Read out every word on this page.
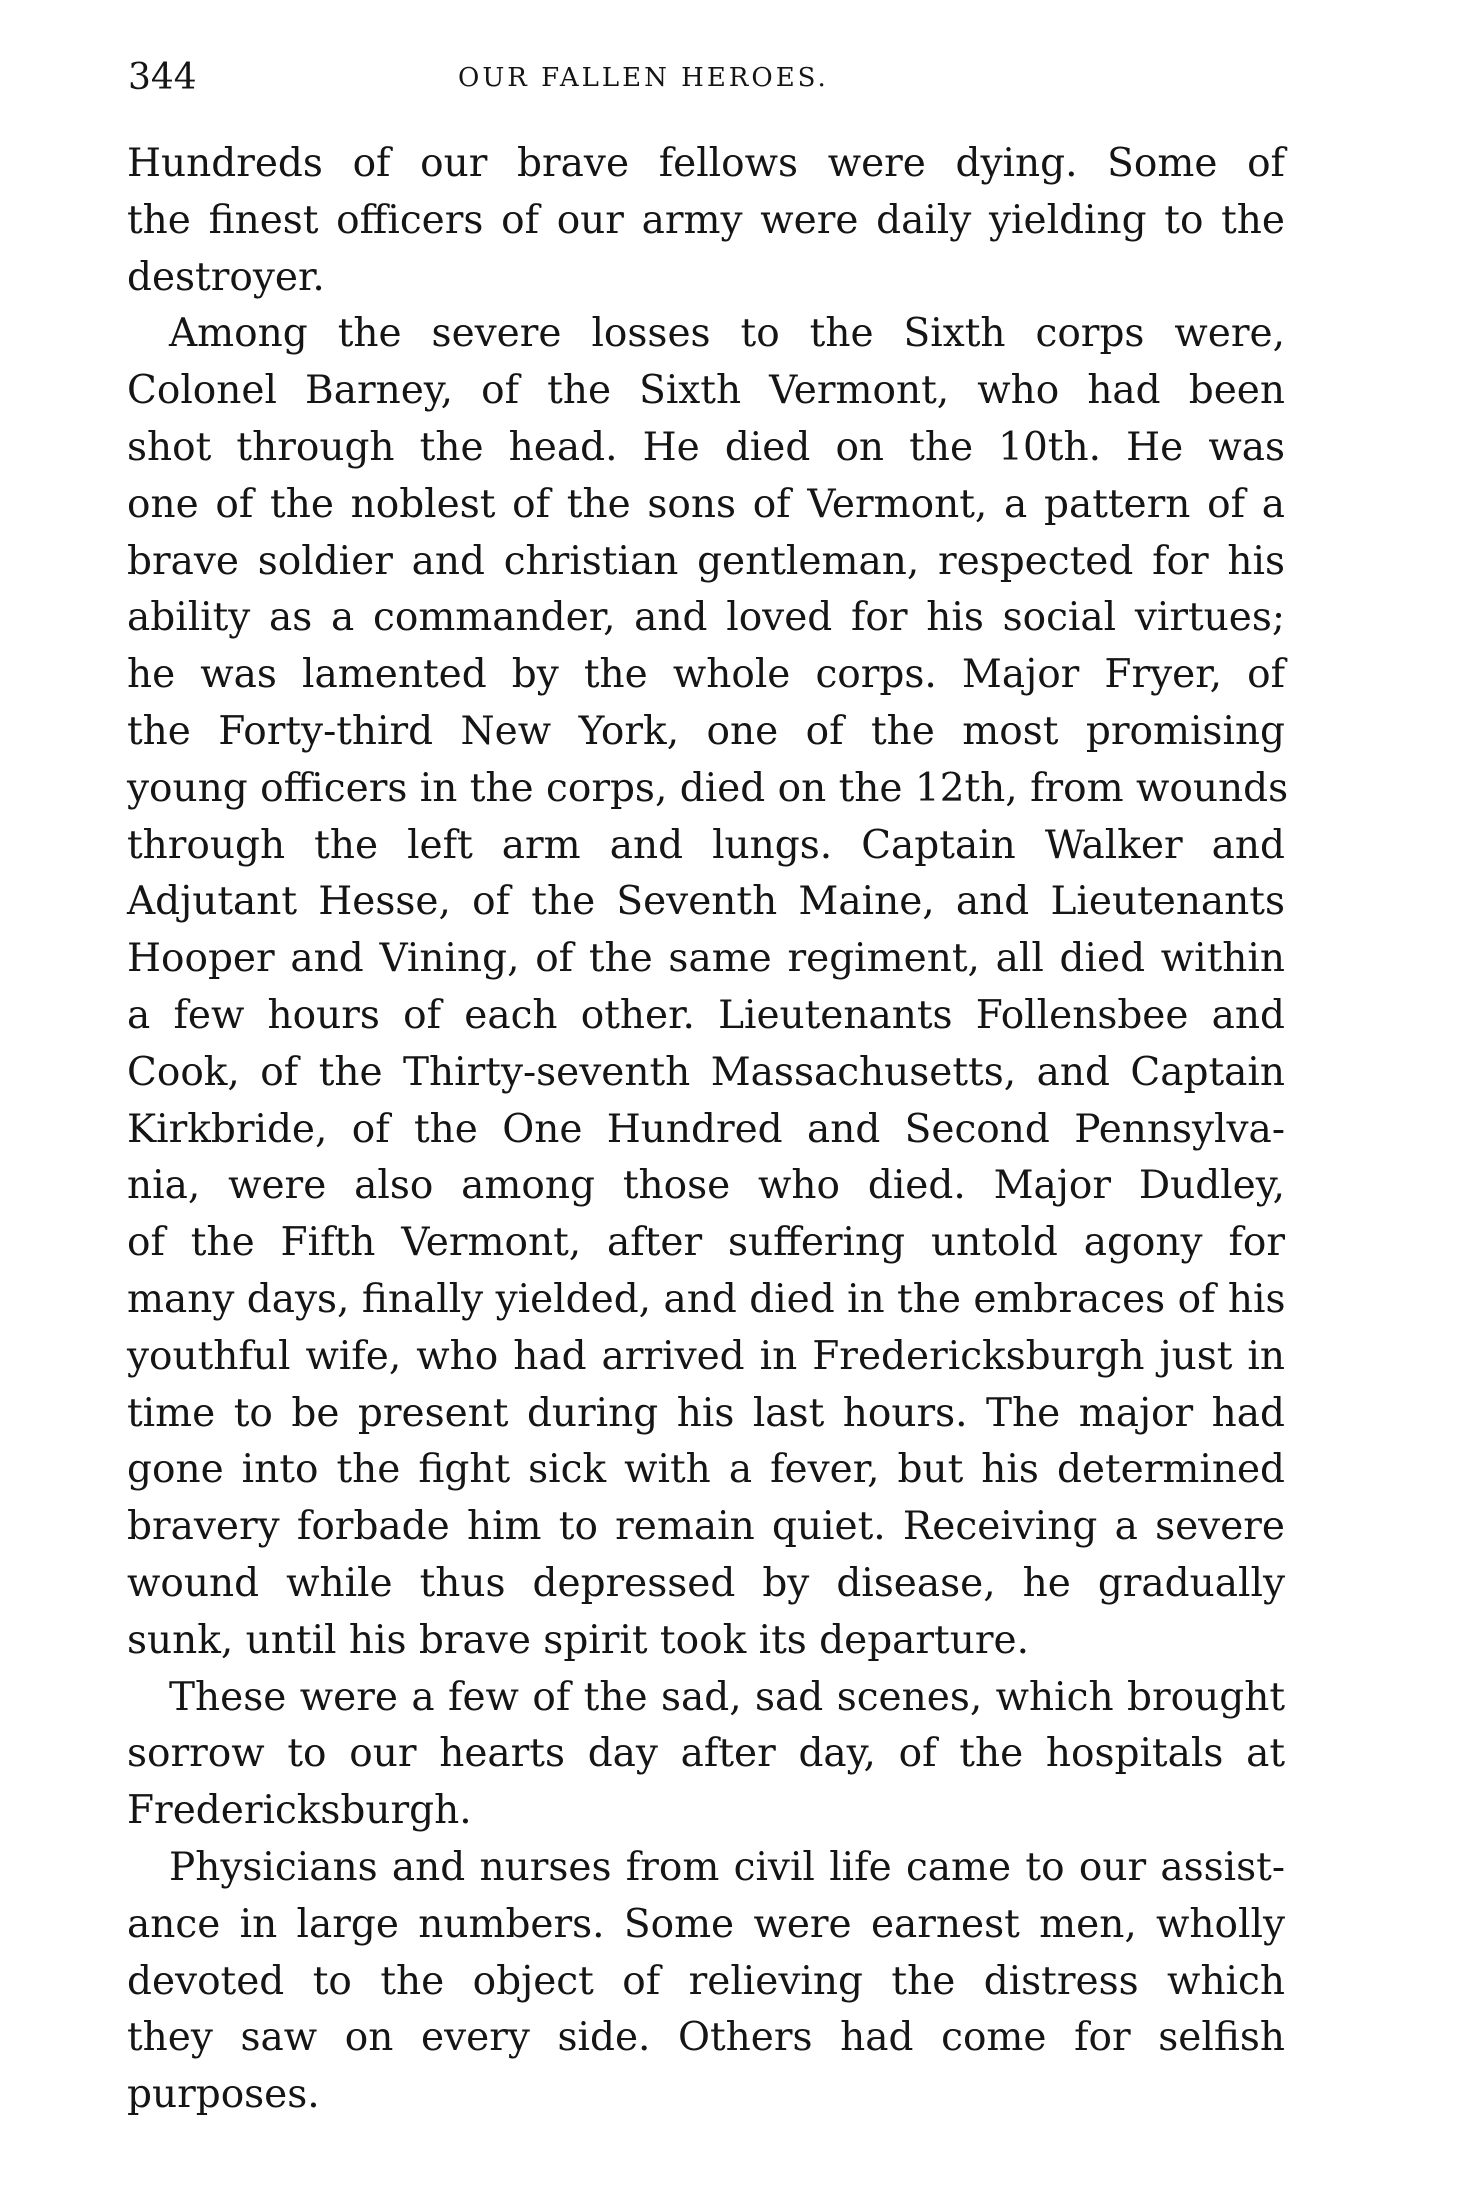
344	OUR FALLEN HEROES.
Hundreds of our brave fellows were dying. Some of
the finest officers of our army were daily yielding to the
destroyer.
Among the severe losses to the Sixth corps were,
Colonel Barney, of the Sixth Vermont, who had been
shot through the head. He died on the 10th. He was
one of the noblest of the sons of Vermont, a pattern of a
brave soldier and christian gentleman, respected for his
ability as a commander, and loved for his social virtues;
he was lamented by the whole corps. Major Fryer, of
the Forty-third New York, one of the most promising
young officers in the corps, died on the 12th, from wounds
through the left arm and lungs. Captain Walker and
Adjutant Hesse, of the Seventh Maine, and Lieutenants
Hooper and Vining, of the same regiment, all died within
a few hours of each other. Lieutenants Follensbee and
Cook, of the Thirty-seventh Massachusetts, and Captain
Kirkbride, of the One Hundred and Second Pennsylva-
nia, were also among those who died. Major Dudley,
of the Fifth Vermont, after suffering untold agony for
many days, finally yielded, and died in the embraces of his
youthful wife, who had arrived in Fredericksburgh just in
time to be present during his last hours. The major had
gone into the fight sick with a fever, but his determined
bravery forbade him to remain quiet. Receiving a severe
wound while thus depressed by disease, he gradually
sunk, until his brave spirit took its departure.
These were a few of the sad, sad scenes, which brought
sorrow to our hearts day after day, of the hospitals at
Fredericksburgh.
Physicians and nurses from civil life came to our assist-
ance in large numbers. Some were earnest men, wholly
devoted to the object of relieving the distress which
they saw on every side. Others had come for selfish
purposes.
